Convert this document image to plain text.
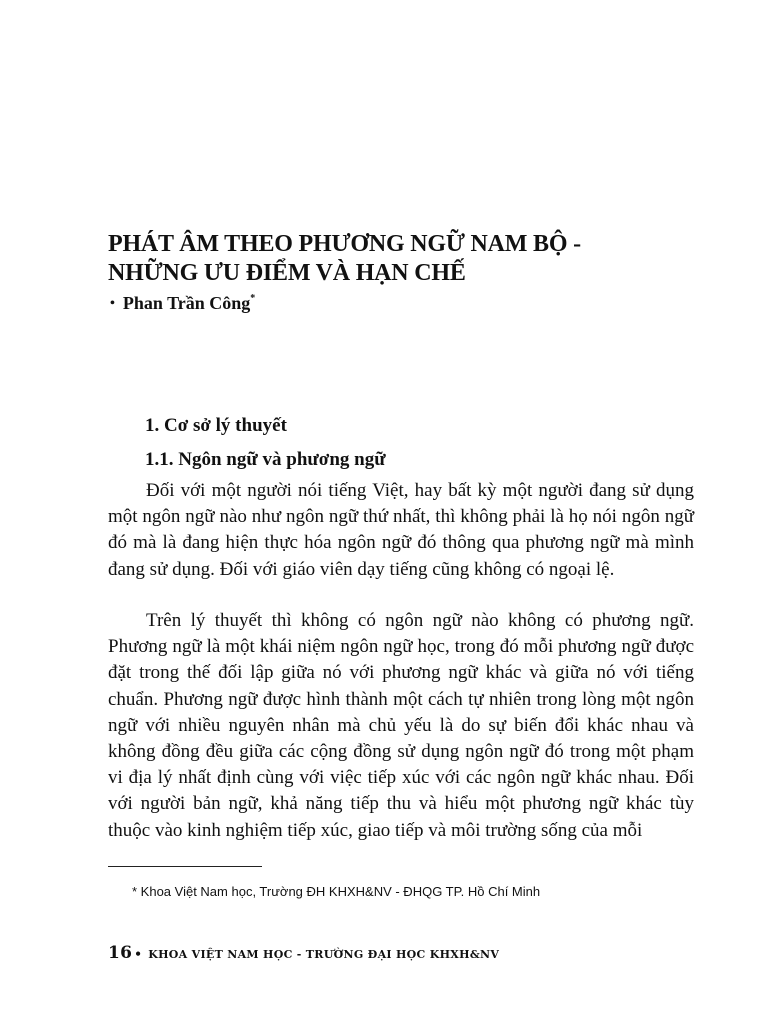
PHÁT ÂM THEO PHƯƠNG NGỮ NAM BỘ -
NHỮNG ƯU ĐIỂM VÀ HẠN CHẾ
• Phan Trần Công*
1. Cơ sở lý thuyết
1.1. Ngôn ngữ và phương ngữ

Đối với một người nói tiếng Việt, hay bất kỳ một người đang sử dụng một ngôn ngữ nào như ngôn ngữ thứ nhất, thì không phải là họ nói ngôn ngữ đó mà là đang hiện thực hóa ngôn ngữ đó thông qua phương ngữ mà mình đang sử dụng. Đối với giáo viên dạy tiếng cũng không có ngoại lệ.

Trên lý thuyết thì không có ngôn ngữ nào không có phương ngữ. Phương ngữ là một khái niệm ngôn ngữ học, trong đó mỗi phương ngữ được đặt trong thế đối lập giữa nó với phương ngữ khác và giữa nó với tiếng chuẩn. Phương ngữ được hình thành một cách tự nhiên trong lòng một ngôn ngữ với nhiều nguyên nhân mà chủ yếu là do sự biến đổi khác nhau và không đồng đều giữa các cộng đồng sử dụng ngôn ngữ đó trong một phạm vi địa lý nhất định cùng với việc tiếp xúc với các ngôn ngữ khác nhau. Đối với người bản ngữ, khả năng tiếp thu và hiểu một phương ngữ khác tùy thuộc vào kinh nghiệm tiếp xúc, giao tiếp và môi trường sống của mỗi

* Khoa Việt Nam học, Trường ĐH KHXH&NV - ĐHQG TP. Hồ Chí Minh
16 • KHOA VIỆT NAM HỌC - TRƯỜNG ĐẠI HỌC KHXH&NV
